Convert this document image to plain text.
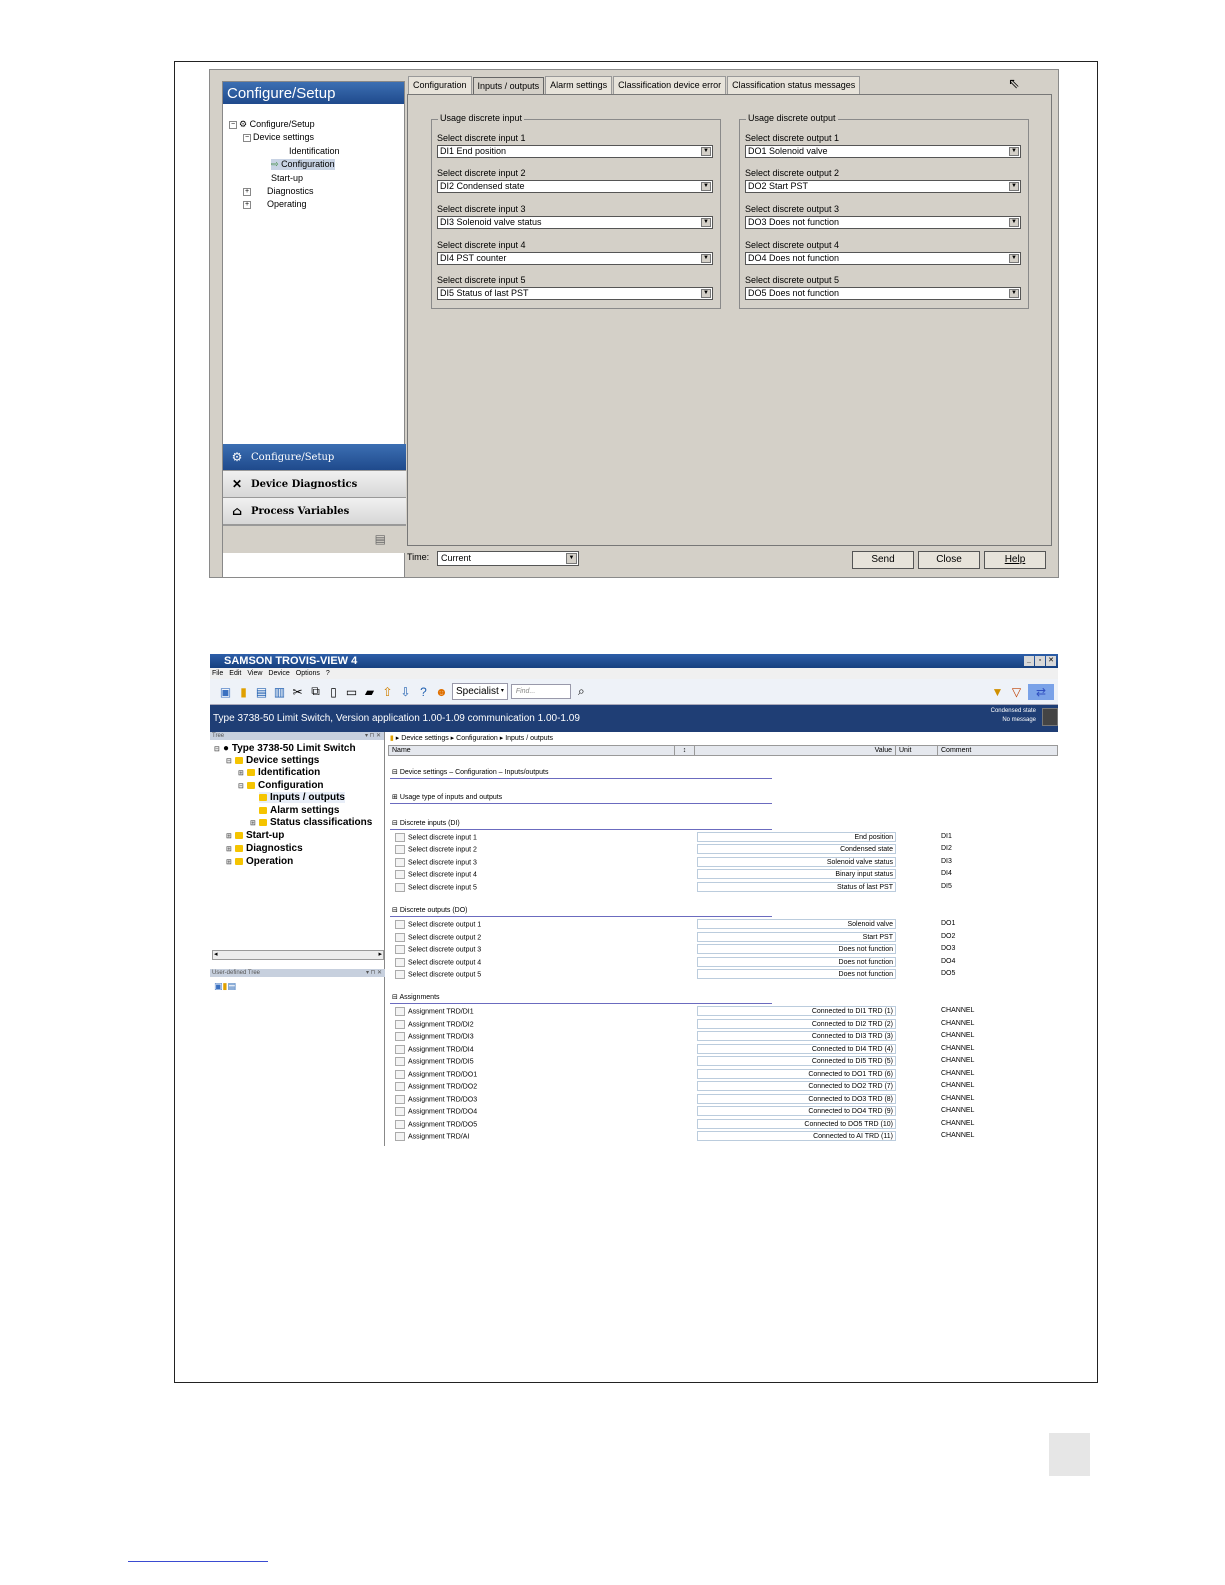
Configure/Setup
− ⚙ Configure/Setup
− Device settings
Identification
⇨ Configuration
Start-up
+ Diagnostics
+ Operating
⚙ Configure/Setup
✕ Device Diagnostics
⌂ Process Variables
▤
Configuration	Inputs / outputs	Alarm settings	Classification device error	Classification status messages	⇖
Usage discrete input
Select discrete input 1
DI1 End position	▼
Select discrete input 2
DI2 Condensed state	▼
Select discrete input 3
DI3 Solenoid valve status	▼
Select discrete input 4
DI4 PST counter	▼
Select discrete input 5
DI5 Status of last PST	▼
Usage discrete output
Select discrete output 1
DO1 Solenoid valve	▼
Select discrete output 2
DO2 Start PST	▼
Select discrete output 3
DO3 Does not function	▼
Select discrete output 4
DO4 Does not function	▼
Select discrete output 5
DO5 Does not function	▼
Time:	Current	▼	Send	Close	Help
SAMSON TROVIS-VIEW 4	_	▫ ✕
File Edit View Device Options ?
▣ ▮ ▤ ▥ ✂ ⧉ ▯ ▭ ▰ ⇧ ⇩ ? ☻ Specialist ▾	Find...	⌕	▼ ▽	⇄
Type 3738-50 Limit Switch, Version application 1.00-1.09 communication 1.00-1.09
Condensed state
No message
Tree	▾ ⊓ ✕
⊟ ● Type 3738-50 Limit Switch
⊟ Device settings
⊞ Identification
⊟ Configuration
Inputs / outputs
Alarm settings
⊞ Status classifications
⊞ Start-up
⊞ Diagnostics
⊞ Operation
◂	▸
User-defined Tree	▾ ⊓ ✕
▣▮▤
▮ ▸ Device settings ▸ Configuration ▸ Inputs / outputs
Name	↕	Value	Unit	Comment
⊟ Device settings – Configuration – Inputs/outputs
⊞ Usage type of inputs and outputs
⊟ Discrete inputs (DI)
Select discrete input 1	End position	DI1
Select discrete input 2	Condensed state	DI2
Select discrete input 3	Solenoid valve status	DI3
Select discrete input 4	Binary input status	DI4
Select discrete input 5	Status of last PST	DI5
⊟ Discrete outputs (DO)
Select discrete output 1	Solenoid valve	DO1
Select discrete output 2	Start PST	DO2
Select discrete output 3	Does not function	DO3
Select discrete output 4	Does not function	DO4
Select discrete output 5	Does not function	DO5
⊟ Assignments
Assignment TRD/DI1	Connected to DI1 TRD (1)	CHANNEL
Assignment TRD/DI2	Connected to DI2 TRD (2)	CHANNEL
Assignment TRD/DI3	Connected to DI3 TRD (3)	CHANNEL
Assignment TRD/DI4	Connected to DI4 TRD (4)	CHANNEL
Assignment TRD/DI5	Connected to DI5 TRD (5)	CHANNEL
Assignment TRD/DO1	Connected to DO1 TRD (6)	CHANNEL
Assignment TRD/DO2	Connected to DO2 TRD (7)	CHANNEL
Assignment TRD/DO3	Connected to DO3 TRD (8)	CHANNEL
Assignment TRD/DO4	Connected to DO4 TRD (9)	CHANNEL
Assignment TRD/DO5	Connected to DO5 TRD (10)	CHANNEL
Assignment TRD/AI	Connected to AI TRD (11)	CHANNEL
